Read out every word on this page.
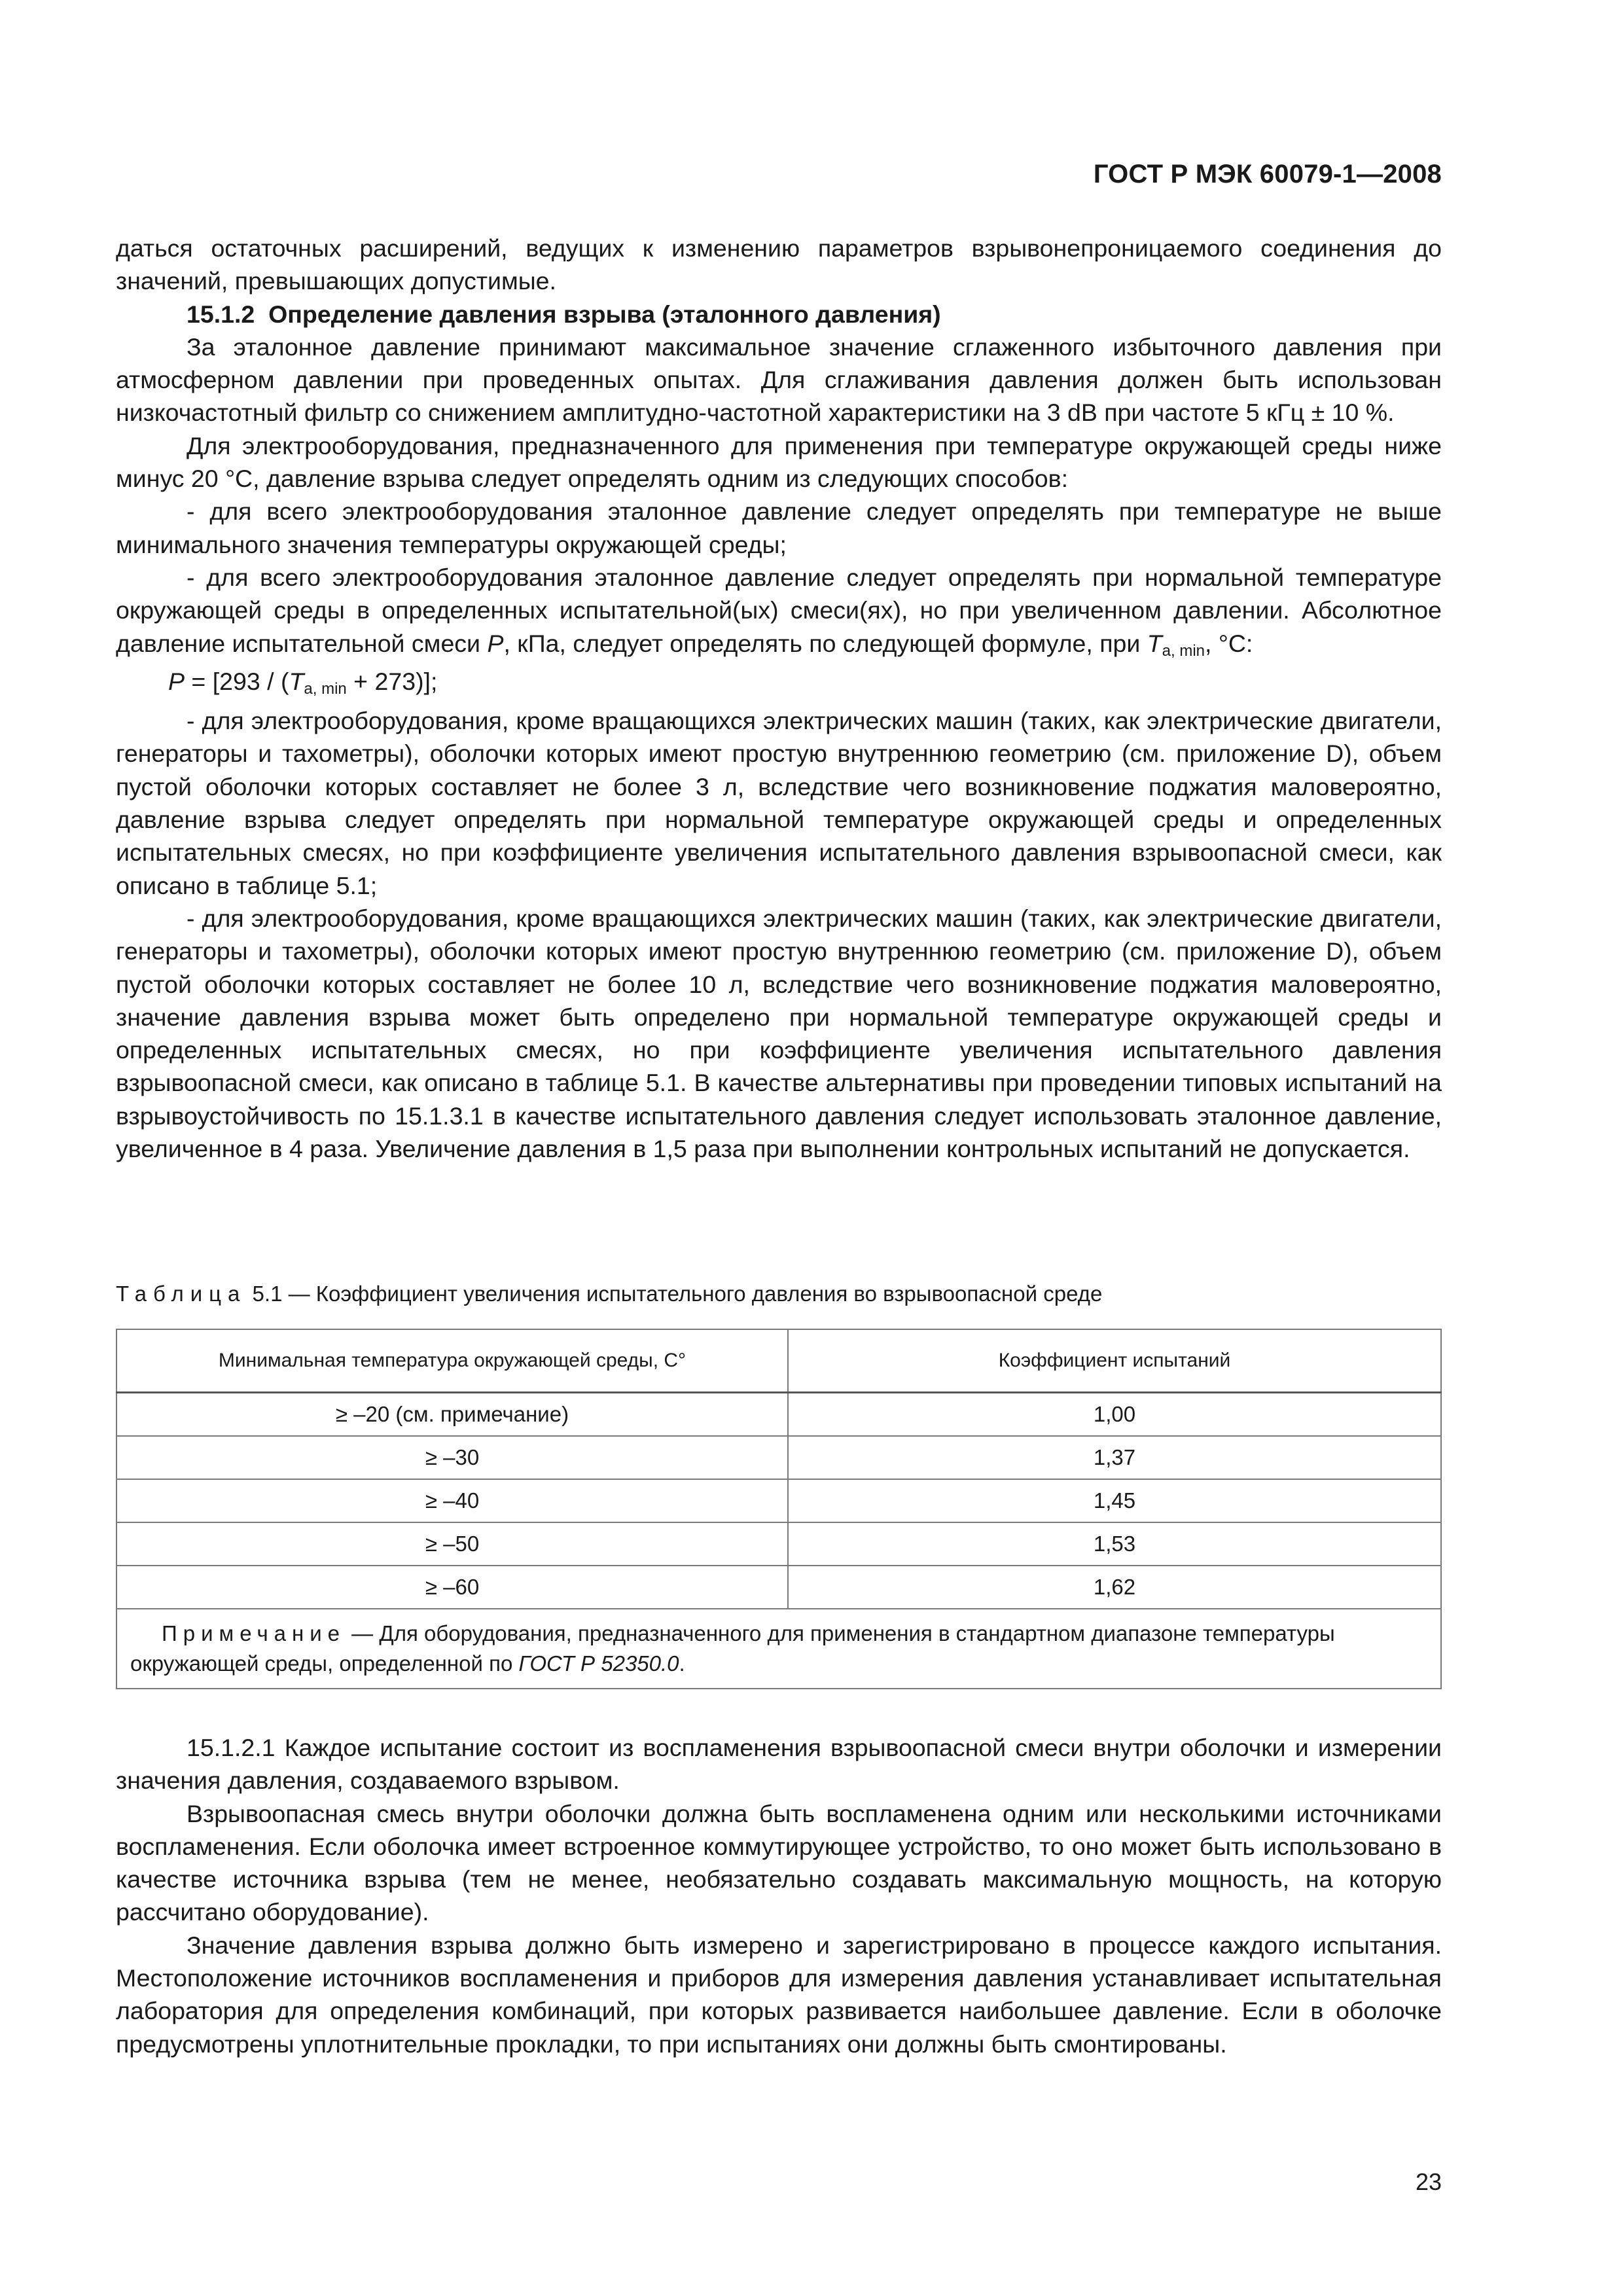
ГОСТ Р МЭК 60079-1—2008

даться остаточных расширений, ведущих к изменению параметров взрывонепроницаемого соединения до значений, превышающих допустимые.

15.1.2 Определение давления взрыва (эталонного давления)

За эталонное давление принимают максимальное значение сглаженного избыточного давления при атмосферном давлении при проведенных опытах. Для сглаживания давления должен быть использован низкочастотный фильтр со снижением амплитудно-частотной характеристики на 3 dB при частоте 5 кГц ± 10 %.

Для электрооборудования, предназначенного для применения при температуре окружающей среды ниже минус 20 °С, давление взрыва следует определять одним из следующих способов:

- для всего электрооборудования эталонное давление следует определять при температуре не выше минимального значения температуры окружающей среды;

- для всего электрооборудования эталонное давление следует определять при нормальной температуре окружающей среды в определенных испытательной(ых) смеси(ях), но при увеличенном давлении. Абсолютное давление испытательной смеси P, кПа, следует определять по следующей формуле, при $T_{a, min}$, °С:

$P = [293 / (T_{a, min} + 273)]$;

- для электрооборудования, кроме вращающихся электрических машин (таких, как электрические двигатели, генераторы и тахометры), оболочки которых имеют простую внутреннюю геометрию (см. приложение D), объем пустой оболочки которых составляет не более 3 л, вследствие чего возникновение поджатия маловероятно, давление взрыва следует определять при нормальной температуре окружающей среды и определенных испытательных смесях, но при коэффициенте увеличения испытательного давления взрывоопасной смеси, как описано в таблице 5.1;

- для электрооборудования, кроме вращающихся электрических машин (таких, как электрические двигатели, генераторы и тахометры), оболочки которых имеют простую внутреннюю геометрию (см. приложение D), объем пустой оболочки которых составляет не более 10 л, вследствие чего возникновение поджатия маловероятно, значение давления взрыва может быть определено при нормальной температуре окружающей среды и определенных испытательных смесях, но при коэффициенте увеличения испытательного давления взрывоопасной смеси, как описано в таблице 5.1. В качестве альтернативы при проведении типовых испытаний на взрывоустойчивость по 15.1.3.1 в качестве испытательного давления следует использовать эталонное давление, увеличенное в 4 раза. Увеличение давления в 1,5 раза при выполнении контрольных испытаний не допускается.

Таблица 5.1 — Коэффициент увеличения испытательного давления во взрывоопасной среде
Минимальная температура окружающей среды, С°	Коэффициент испытаний
≥ –20 (см. примечание)	1,00
≥ –30	1,37
≥ –40	1,45
≥ –50	1,53
≥ –60	1,62
Примечание — Для оборудования, предназначенного для применения в стандартном диапазоне температуры окружающей среды, определенной по ГОСТ Р 52350.0.	

15.1.2.1 Каждое испытание состоит из воспламенения взрывоопасной смеси внутри оболочки и измерении значения давления, создаваемого взрывом.

Взрывоопасная смесь внутри оболочки должна быть воспламенена одним или несколькими источниками воспламенения. Если оболочка имеет встроенное коммутирующее устройство, то оно может быть использовано в качестве источника взрыва (тем не менее, необязательно создавать максимальную мощность, на которую рассчитано оборудование).

Значение давления взрыва должно быть измерено и зарегистрировано в процессе каждого испытания. Местоположение источников воспламенения и приборов для измерения давления устанавливает испытательная лаборатория для определения комбинаций, при которых развивается наибольшее давление. Если в оболочке предусмотрены уплотнительные прокладки, то при испытаниях они должны быть смонтированы.

23
